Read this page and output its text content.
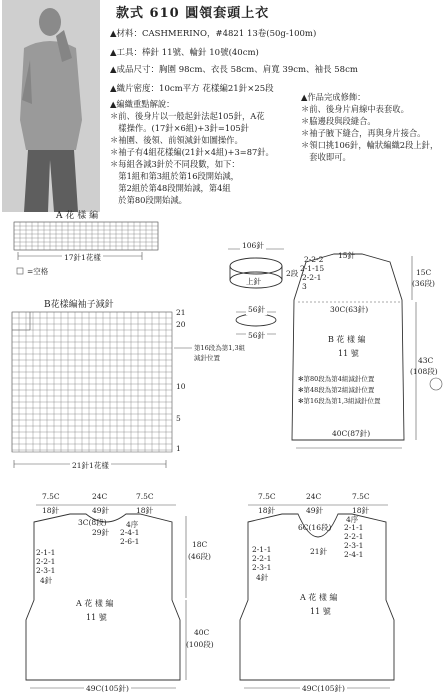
款式 610 圓領套頭上衣
▲材料：CASHMERINO，#4821 13卷(50g-100m)
▲工具：棒針 11號、輪針 10號(40cm)
▲成品尺寸：胸圍 98cm、衣長 58cm、肩寬 39cm、袖長 58cm
▲織片密度：10cm平方 花樣編21針×25段
▲編織重點解說：
＊前、後身片以一般起針法起105針，A花
　樣操作。(17針×6組)+3針=105針
＊袖圍、後領、前領減針如圖操作。
＊袖子有4組花樣編(21針×4組)+3=87針。
＊每組各減3針於不同段數，如下：
　第1組和第3組於第16段開始減，
　第2組於第48段開始減，第4組
　於第80段開始減。
▲作品完成修飾：
＊前、後身片肩線中表套收。
＊脇邊段與段縫合。
＊袖子腋下縫合，再與身片接合。
＊領口挑106針，輪狀編織2段上針，
　套收即可。
A 花 樣 編
17針1花樣
=空格
B花樣編袖子減針
21
20
10
5
1
第16段為第1,3組
減針位置
21針1花樣
106針
上針
2段
56針
56針
15針
2-2-2
2-1-15
2-2-1
3
30C(63針)
15C
(36段)
B 花 樣 編
11 號
43C
(108段)
✻第80段為第4組減針位置
✻第48段為第2組減針位置
✻第16段為第1,3組減針位置
40C(87針)
7.5C
18針
24C
49針
7.5C
18針
3C(8段)
29針
4序
2-4-1
2-6-1
2-1-1
2-2-1
2-3-1
4針
18C
(46段)
A 花 樣 編
11 號
40C
(100段)
49C(105針)
7.5C
18針
24C
49針
7.5C
18針
6C(16段)
21針
4序
2-1-1
2-2-1
2-3-1
2-4-1
2-1-1
2-2-1
2-3-1
4針
A 花 樣 編
11 號
49C(105針)
